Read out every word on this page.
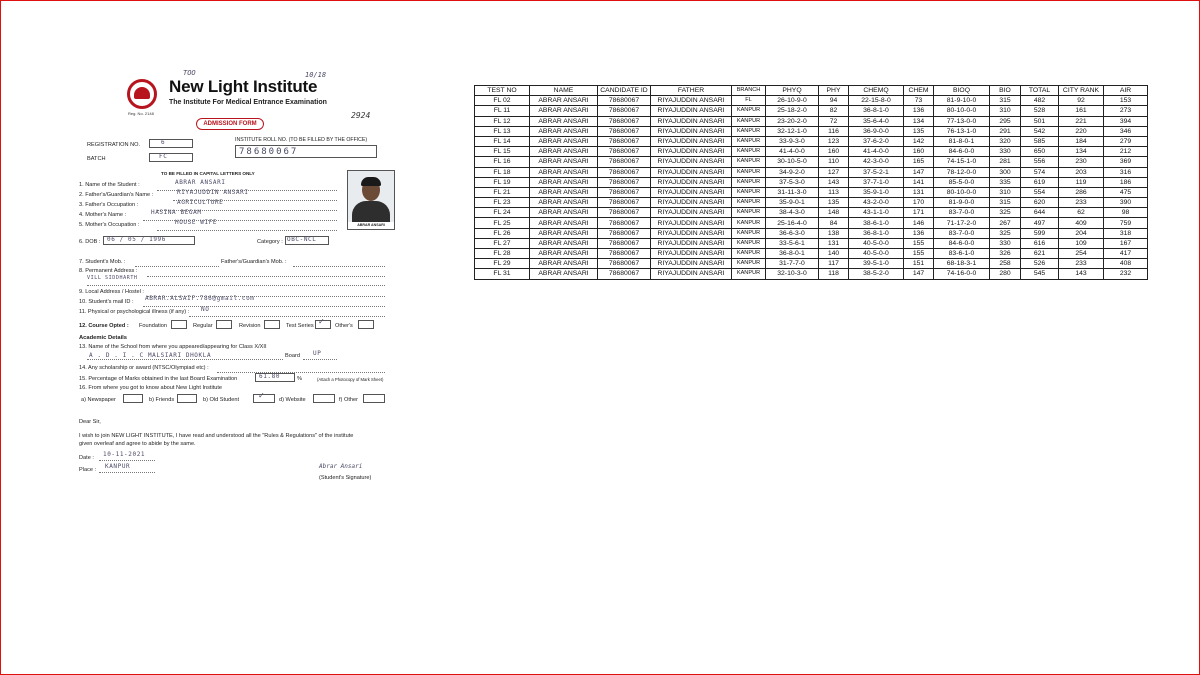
Reg. No. 2148
TOO	10/18
New Light Institute
The Institute For Medical Entrance Examination
ADMISSION FORM
2924
REGISTRATION NO.	6
BATCH	FC
INSTITUTE ROLL NO. (TO BE FILLED BY THE OFFICE)
78680067
TO BE FILLED IN CAPITAL LETTERS ONLY
ABRAR ANSARI
1. Name of the Student :	ABRAR ANSARI
2. Father's/Guardian's Name :	RIYAJUDDIN ANSARI
3. Father's Occupation :	AGRICULTURE
4. Mother's Name :	HASINA BEGAM
5. Mother's Occupation :	HOUSE WIFE
6. DOB : 06 / 05 / 1996	Category : OBC-NCL
7. Student's Mob. :	Father's/Guardian's Mob. :
8. Permanent Address :
VILL SIDDHARTH
9. Local Address / Hostel :
10. Student's mail ID : ABRAR.ALSAIF.786@gmail.com
11. Physical or psychological illness (if any) : NO
12. Course Opted : Foundation	Regular	Revision	Test Series ✓ Other's
Academic Details
13. Name of the School from where you appeared/appearing for Class X/XII
A . D . I . C MALSIARI DHOKLA	Board UP
14. Any scholarship or award (NTSC/Olympiad etc) :
15. Percentage of Marks obtained in the last Board Examination	61.80	%	(Attach a Photocopy of Mark Sheet)
16. From where you got to know about New Light Institute
a) Newspaper	b) Friends	b) Old Student ✓	d) Website	f) Other
Dear Sir,
I wish to join NEW LIGHT INSTITUTE, I have read and understood all the "Rules & Regulations" of the institute
given overleaf and agree to abide by the same.
Date : 10-11-2021
Place : KANPUR	Abrar Ansari
(Student's Signature)
TEST NO	NAME	CANDIDATE ID	FATHER	BRANCH	PHYQ	PHY	CHEMQ	CHEM	BIOQ	BIO	TOTAL	CITY RANK	AIR
FL 02	ABRAR ANSARI	78680067	RIYAJUDDIN ANSARI	FL	26-10-9-0	94	22-15-8-0	73	81-9-10-0	315	482	92	153
FL 11	ABRAR ANSARI	78680067	RIYAJUDDIN ANSARI	KANPUR	25-18-2-0	82	36-8-1-0	136	80-10-0-0	310	528	161	273
FL 12	ABRAR ANSARI	78680067	RIYAJUDDIN ANSARI	KANPUR	23-20-2-0	72	35-6-4-0	134	77-13-0-0	295	501	221	394
FL 13	ABRAR ANSARI	78680067	RIYAJUDDIN ANSARI	KANPUR	32-12-1-0	116	36-9-0-0	135	76-13-1-0	291	542	220	346
FL 14	ABRAR ANSARI	78680067	RIYAJUDDIN ANSARI	KANPUR	33-9-3-0	123	37-6-2-0	142	81-8-0-1	320	585	184	279
FL 15	ABRAR ANSARI	78680067	RIYAJUDDIN ANSARI	KANPUR	41-4-0-0	160	41-4-0-0	160	84-6-0-0	330	650	134	212
FL 16	ABRAR ANSARI	78680067	RIYAJUDDIN ANSARI	KANPUR	30-10-5-0	110	42-3-0-0	165	74-15-1-0	281	556	230	369
FL 18	ABRAR ANSARI	78680067	RIYAJUDDIN ANSARI	KANPUR	34-9-2-0	127	37-5-2-1	147	78-12-0-0	300	574	203	316
FL 19	ABRAR ANSARI	78680067	RIYAJUDDIN ANSARI	KANPUR	37-5-3-0	143	37-7-1-0	141	85-5-0-0	335	619	119	186
FL 21	ABRAR ANSARI	78680067	RIYAJUDDIN ANSARI	KANPUR	31-11-3-0	113	35-9-1-0	131	80-10-0-0	310	554	286	475
FL 23	ABRAR ANSARI	78680067	RIYAJUDDIN ANSARI	KANPUR	35-9-0-1	135	43-2-0-0	170	81-9-0-0	315	620	233	390
FL 24	ABRAR ANSARI	78680067	RIYAJUDDIN ANSARI	KANPUR	38-4-3-0	148	43-1-1-0	171	83-7-0-0	325	644	62	98
FL 25	ABRAR ANSARI	78680067	RIYAJUDDIN ANSARI	KANPUR	25-16-4-0	84	38-6-1-0	146	71-17-2-0	267	497	409	759
FL 26	ABRAR ANSARI	78680067	RIYAJUDDIN ANSARI	KANPUR	36-6-3-0	138	36-8-1-0	136	83-7-0-0	325	599	204	318
FL 27	ABRAR ANSARI	78680067	RIYAJUDDIN ANSARI	KANPUR	33-5-6-1	131	40-5-0-0	155	84-6-0-0	330	616	109	167
FL 28	ABRAR ANSARI	78680067	RIYAJUDDIN ANSARI	KANPUR	36-8-0-1	140	40-5-0-0	155	83-6-1-0	326	621	254	417
FL 29	ABRAR ANSARI	78680067	RIYAJUDDIN ANSARI	KANPUR	31-7-7-0	117	39-5-1-0	151	68-18-3-1	258	526	233	408
FL 31	ABRAR ANSARI	78680067	RIYAJUDDIN ANSARI	KANPUR	32-10-3-0	118	38-5-2-0	147	74-16-0-0	280	545	143	232
